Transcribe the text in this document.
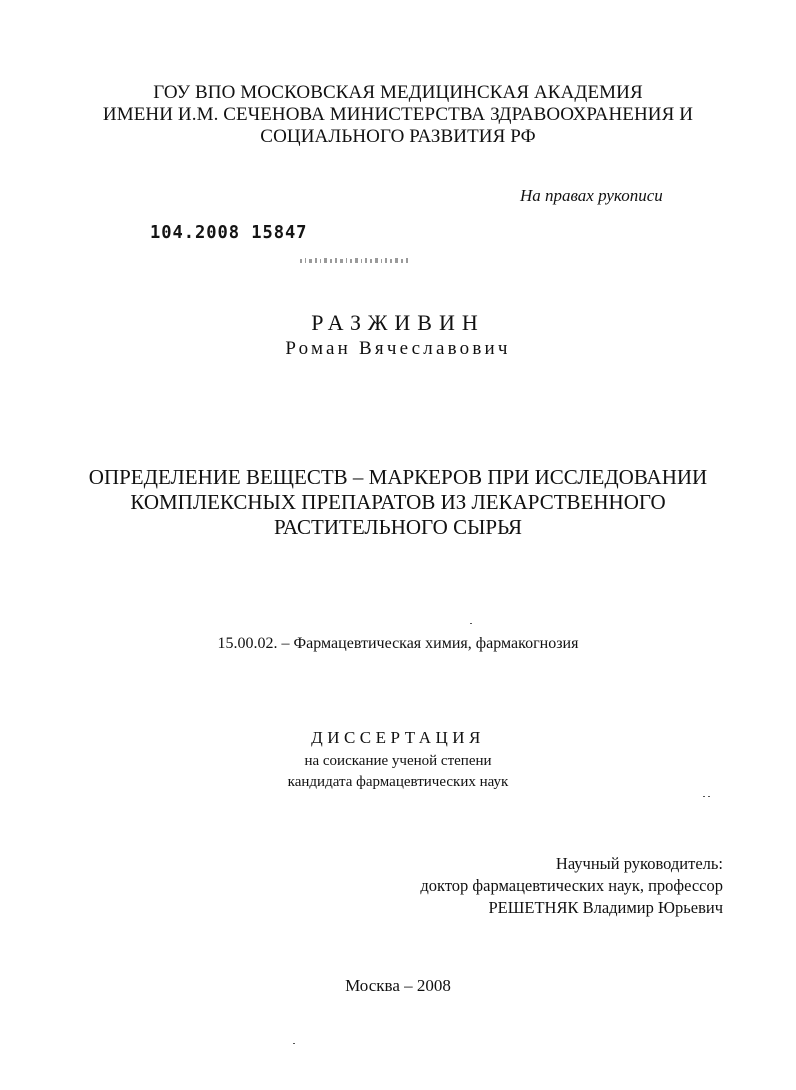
ГОУ ВПО МОСКОВСКАЯ МЕДИЦИНСКАЯ АКАДЕМИЯ
ИМЕНИ И.М. СЕЧЕНОВА МИНИСТЕРСТВА ЗДРАВООХРАНЕНИЯ И
СОЦИАЛЬНОГО РАЗВИТИЯ РФ
На правах рукописи
104.2008 15847
РАЗЖИВИН
Роман Вячеславович
ОПРЕДЕЛЕНИЕ ВЕЩЕСТВ – МАРКЕРОВ ПРИ ИССЛЕДОВАНИИ
КОМПЛЕКСНЫХ ПРЕПАРАТОВ ИЗ ЛЕКАРСТВЕННОГО
РАСТИТЕЛЬНОГО СЫРЬЯ
15.00.02. – Фармацевтическая химия, фармакогнозия
ДИССЕРТАЦИЯ
на соискание ученой степени
кандидата фармацевтических наук
Научный руководитель:
доктор фармацевтических наук, профессор
РЕШЕТНЯК Владимир Юрьевич
Москва – 2008
